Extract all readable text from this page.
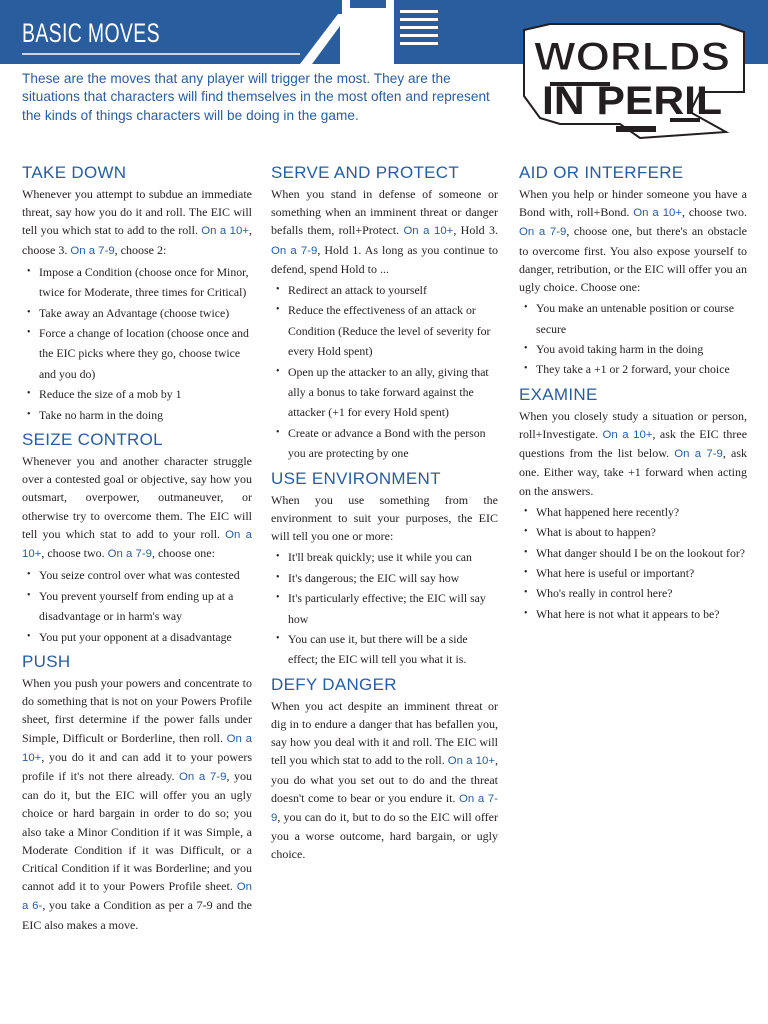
BASIC MOVES
These are the moves that any player will trigger the most. They are the situations that characters will find themselves in the most often and represent the kinds of things characters will be doing in the game.
WORLDS
IN PERIL
TAKE DOWN

Whenever you attempt to subdue an immediate threat, say how you do it and roll. The EIC will tell you which stat to add to the roll. On a 10+, choose 3. On a 7-9, choose 2:

• Impose a Condition (choose once for Minor, twice for Moderate, three times for Critical)
• Take away an Advantage (choose twice)
• Force a change of location (choose once and the EIC picks where they go, choose twice and you do)
• Reduce the size of a mob by 1
• Take no harm in the doing
SEIZE CONTROL

Whenever you and another character struggle over a contested goal or objective, say how you outsmart, overpower, outmaneuver, or otherwise try to overcome them. The EIC will tell you which stat to add to your roll. On a 10+, choose two. On a 7-9, choose one:

• You seize control over what was contested
• You prevent yourself from ending up at a disadvantage or in harm's way
• You put your opponent at a disadvantage
PUSH

When you push your powers and concentrate to do something that is not on your Powers Profile sheet, first determine if the power falls under Simple, Difficult or Borderline, then roll. On a 10+, you do it and can add it to your powers profile if it's not there already. On a 7-9, you can do it, but the EIC will offer you an ugly choice or hard bargain in order to do so; you also take a Minor Condition if it was Simple, a Moderate Condition if it was Difficult, or a Critical Condition if it was Borderline; and you cannot add it to your Powers Profile sheet. On a 6-, you take a Condition as per a 7-9 and the EIC also makes a move.

SERVE AND PROTECT

When you stand in defense of someone or something when an imminent threat or danger befalls them, roll+Protect. On a 10+, Hold 3. On a 7-9, Hold 1. As long as you continue to defend, spend Hold to ...

• Redirect an attack to yourself
• Reduce the effectiveness of an attack or Condition (Reduce the level of severity for every Hold spent)
• Open up the attacker to an ally, giving that ally a bonus to take forward against the attacker (+1 for every Hold spent)
• Create or advance a Bond with the person you are protecting by one
USE ENVIRONMENT

When you use something from the environment to suit your purposes, the EIC will tell you one or more:

• It'll break quickly; use it while you can
• It's dangerous; the EIC will say how
• It's particularly effective; the EIC will say how
• You can use it, but there will be a side effect; the EIC will tell you what it is.
DEFY DANGER

When you act despite an imminent threat or dig in to endure a danger that has befallen you, say how you deal with it and roll. The EIC will tell you which stat to add to the roll. On a 10+, you do what you set out to do and the threat doesn't come to bear or you endure it. On a 7-9, you can do it, but to do so the EIC will offer you a worse outcome, hard bargain, or ugly choice.

AID OR INTERFERE

When you help or hinder someone you have a Bond with, roll+Bond. On a 10+, choose two. On a 7-9, choose one, but there's an obstacle to overcome first. You also expose yourself to danger, retribution, or the EIC will offer you an ugly choice. Choose one:

• You make an untenable position or course secure
• You avoid taking harm in the doing
• They take a +1 or 2 forward, your choice
EXAMINE

When you closely study a situation or person, roll+Investigate. On a 10+, ask the EIC three questions from the list below. On a 7-9, ask one. Either way, take +1 forward when acting on the answers.

• What happened here recently?
• What is about to happen?
• What danger should I be on the lookout for?
• What here is useful or important?
• Who's really in control here?
• What here is not what it appears to be?
